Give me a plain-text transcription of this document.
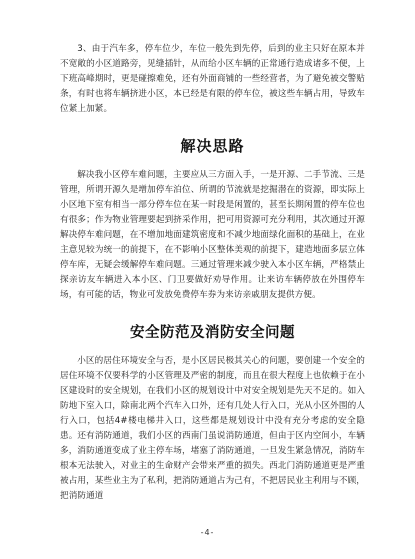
3、由于汽车多，停车位少，车位一般先到先停，后到的业主只好在原本并不宽敞的小区道路旁，见缝插针，从而给小区车辆的正常通行造成诸多不便，上下班高峰期时，更是碰擦难免，还有外面商铺的一些经营者，为了避免被交警贴条，有时也将车辆挤进小区，本已经是有限的停车位，被这些车辆占用，导致车位紧上加紧。

解决思路

解决我小区停车难问题，主要应从三方面入手，一是开源、二手节流、三是管理，所谓开源久是增加停车泊位、所谓的节流就是挖掘潜在的资源，即实际上小区地下室有相当一部分停车位在某一时段是闲置的，甚至长期闲置的停车位也有很多；作为物业管理要起到挤采作用，把可用资源可充分利用，其次通过开源解决停车难问题，在不增加地面建筑密度和不减少地面绿化面积的基础上，在业主意见较为统一的前提下，在不影响小区整体美观的前提下，建造地面多层立体停车库，无疑会缓解停车难问题。三通过管理来减少驶入本小区车辆，严格禁止探亲访友车辆进入本小区、门卫要做好劝导作用。让来访车辆停放在外围停车场，有可能的话，物业可发放免费停车券为来访亲戚朋友提供方便。

安全防范及消防安全问题

小区的居住环境安全与否，是小区居民极其关心的问题，要创建一个安全的居住环境不仅要科学的小区管理及严密的制度，而且在很大程度上也依赖于在小区建设时的安全规划，在我们小区的规划设计中对安全规划是先天不足的。如入防地下室入口，除南北两个汽车入口外，还有几处人行入口，光从小区外围的人行入口，包括4#楼电梯井入口，这些都是规划设计中没有充分考虑的安全隐患。还有消防通道，我们小区的西南门虽说消防通道，但由于区内空间小，车辆多，消防通道变成了业主停车场，堵塞了消防通道，一旦发生紧急情况，消防车根本无法驶入，对业主的生命财产会带来严重的损失。西北门消防通道更是严重被占用，某些业主为了私利，把消防通道占为己有，不把居民业主利用与不顾，把消防通道

-4-
